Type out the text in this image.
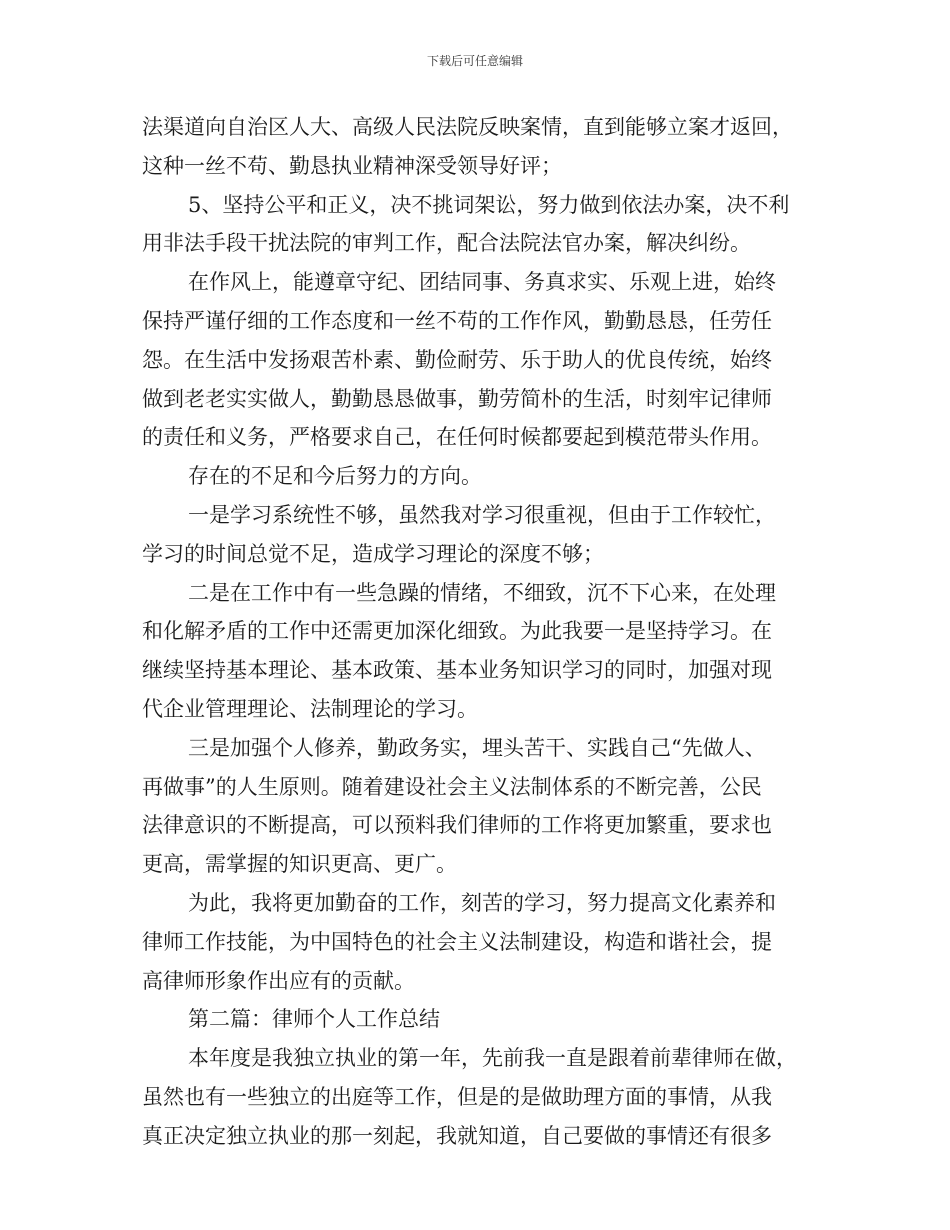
下载后可任意编辑
法渠道向自治区人大、高级人民法院反映案情，直到能够立案才返回，
这种一丝不苟、勤恳执业精神深受领导好评；
5、坚持公平和正义，决不挑词架讼，努力做到依法办案，决不利
用非法手段干扰法院的审判工作，配合法院法官办案，解决纠纷。
在作风上，能遵章守纪、团结同事、务真求实、乐观上进，始终
保持严谨仔细的工作态度和一丝不苟的工作作风，勤勤恳恳，任劳任
怨。在生活中发扬艰苦朴素、勤俭耐劳、乐于助人的优良传统，始终
做到老老实实做人，勤勤恳恳做事，勤劳简朴的生活，时刻牢记律师
的责任和义务，严格要求自己，在任何时候都要起到模范带头作用。
存在的不足和今后努力的方向。
一是学习系统性不够，虽然我对学习很重视，但由于工作较忙，
学习的时间总觉不足，造成学习理论的深度不够；
二是在工作中有一些急躁的情绪，不细致，沉不下心来，在处理
和化解矛盾的工作中还需更加深化细致。为此我要一是坚持学习。在
继续坚持基本理论、基本政策、基本业务知识学习的同时，加强对现
代企业管理理论、法制理论的学习。
三是加强个人修养，勤政务实，埋头苦干、实践自己“先做人、
再做事”的人生原则。随着建设社会主义法制体系的不断完善，公民
法律意识的不断提高，可以预料我们律师的工作将更加繁重，要求也
更高，需掌握的知识更高、更广。
为此，我将更加勤奋的工作，刻苦的学习，努力提高文化素养和
律师工作技能，为中国特色的社会主义法制建设，构造和谐社会，提
高律师形象作出应有的贡献。
第二篇：律师个人工作总结
本年度是我独立执业的第一年，先前我一直是跟着前辈律师在做，
虽然也有一些独立的出庭等工作，但是的是做助理方面的事情，从我
真正决定独立执业的那一刻起，我就知道，自己要做的事情还有很多
